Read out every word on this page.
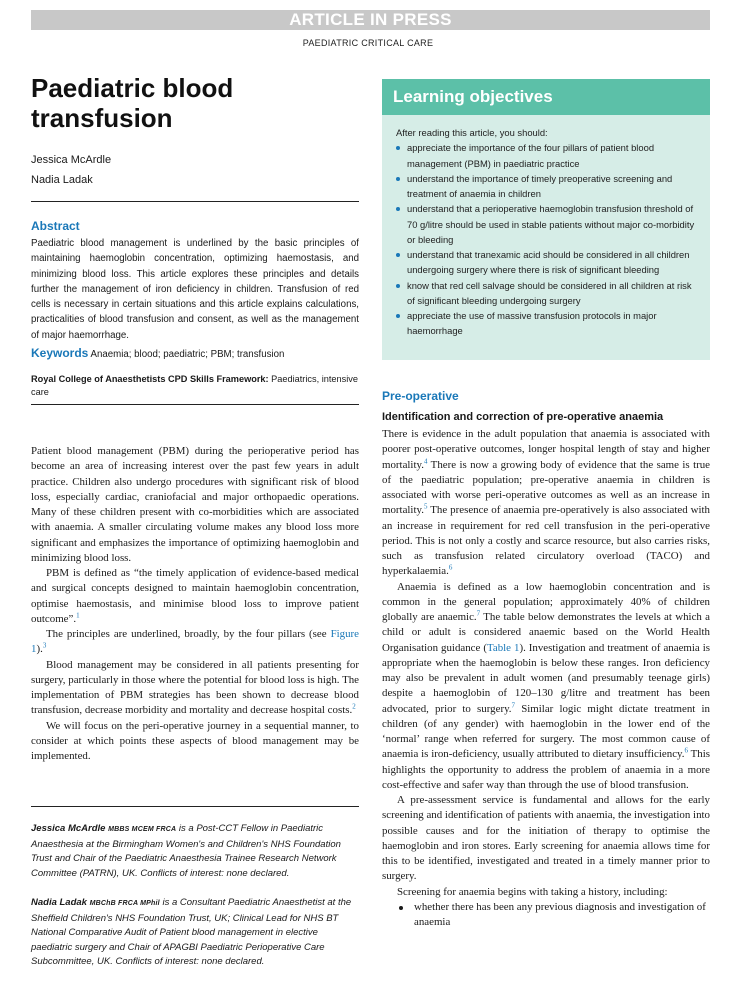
ARTICLE IN PRESS
PAEDIATRIC CRITICAL CARE
Paediatric blood transfusion
Jessica McArdle
Nadia Ladak
Abstract
Paediatric blood management is underlined by the basic principles of maintaining haemoglobin concentration, optimizing haemostasis, and minimizing blood loss. This article explores these principles and details further the management of iron deficiency in children. Transfusion of red cells is necessary in certain situations and this article explains calculations, practicalities of blood transfusion and consent, as well as the management of major haemorrhage.
Keywords Anaemia; blood; paediatric; PBM; transfusion
Royal College of Anaesthetists CPD Skills Framework: Paediatrics, intensive care

Patient blood management (PBM) during the perioperative period has become an area of increasing interest over the past few years in adult practice. Children also undergo procedures with significant risk of blood loss, especially cardiac, craniofacial and major orthopaedic operations. Many of these children present with co-morbidities which are associated with anaemia. A smaller circulating volume makes any blood loss more significant and emphasizes the importance of optimizing haemoglobin and minimizing blood loss.

PBM is defined as “the timely application of evidence-based medical and surgical concepts designed to maintain haemoglobin concentration, optimise haemostasis, and minimise blood loss to improve patient outcome”.$^1$

The principles are underlined, broadly, by the four pillars (see Figure 1).$^3$

Blood management may be considered in all patients presenting for surgery, particularly in those where the potential for blood loss is high. The implementation of PBM strategies has been shown to decrease blood transfusion, decrease morbidity and mortality and decrease hospital costs.$^2$

We will focus on the peri-operative journey in a sequential manner, to consider at which points these aspects of blood management may be implemented.

Jessica McArdle MBBS MCEM FRCA is a Post-CCT Fellow in Paediatric Anaesthesia at the Birmingham Women's and Children's NHS Foundation Trust and Chair of the Paediatric Anaesthesia Trainee Research Network Committee (PATRN), UK. Conflicts of interest: none declared.
Nadia Ladak MBChB FRCA MPhil is a Consultant Paediatric Anaesthetist at the Sheffield Children's NHS Foundation Trust, UK; Clinical Lead for NHS BT National Comparative Audit of Patient blood management in elective paediatric surgery and Chair of APAGBI Paediatric Perioperative Care Subcommittee, UK. Conflicts of interest: none declared.
Learning objectives
After reading this article, you should:
appreciate the importance of the four pillars of patient blood management (PBM) in paediatric practice
understand the importance of timely preoperative screening and treatment of anaemia in children
understand that a perioperative haemoglobin transfusion threshold of 70 g/litre should be used in stable patients without major co-morbidity or bleeding
understand that tranexamic acid should be considered in all children undergoing surgery where there is risk of significant bleeding
know that red cell salvage should be considered in all children at risk of significant bleeding undergoing surgery
appreciate the use of massive transfusion protocols in major haemorrhage
Pre-operative
Identification and correction of pre-operative anaemia

There is evidence in the adult population that anaemia is associated with poorer post-operative outcomes, longer hospital length of stay and higher mortality.$^4$ There is now a growing body of evidence that the same is true of the paediatric population; pre-operative anaemia in children is associated with worse peri-operative outcomes as well as an increase in mortality.$^5$ The presence of anaemia pre-operatively is also associated with an increase in requirement for red cell transfusion in the peri-operative period. This is not only a costly and scarce resource, but also carries risks, such as transfusion related circulatory overload (TACO) and hyperkalaemia.$^6$

Anaemia is defined as a low haemoglobin concentration and is common in the general population; approximately 40% of children globally are anaemic.$^7$ The table below demonstrates the levels at which a child or adult is considered anaemic based on the World Health Organisation guidance (Table 1). Investigation and treatment of anaemia is appropriate when the haemoglobin is below these ranges. Iron deficiency may also be prevalent in adult women (and presumably teenage girls) despite a haemoglobin of 120–130 g/litre and treatment has been advocated, prior to surgery.$^7$ Similar logic might dictate treatment in children (of any gender) with haemoglobin in the lower end of the ‘normal’ range when referred for surgery. The most common cause of anaemia is iron-deficiency, usually attributed to dietary insufficiency.$^6$ This highlights the opportunity to address the problem of anaemia in a more cost-effective and safer way than through the use of blood transfusion.

A pre-assessment service is fundamental and allows for the early screening and identification of patients with anaemia, the investigation into possible causes and for the initiation of therapy to optimise the haemoglobin and iron stores. Early screening for anaemia allows time for this to be identified, investigated and treated in a timely manner prior to surgery.

Screening for anaemia begins with taking a history, including:

whether there has been any previous diagnosis and investigation of anaemia
